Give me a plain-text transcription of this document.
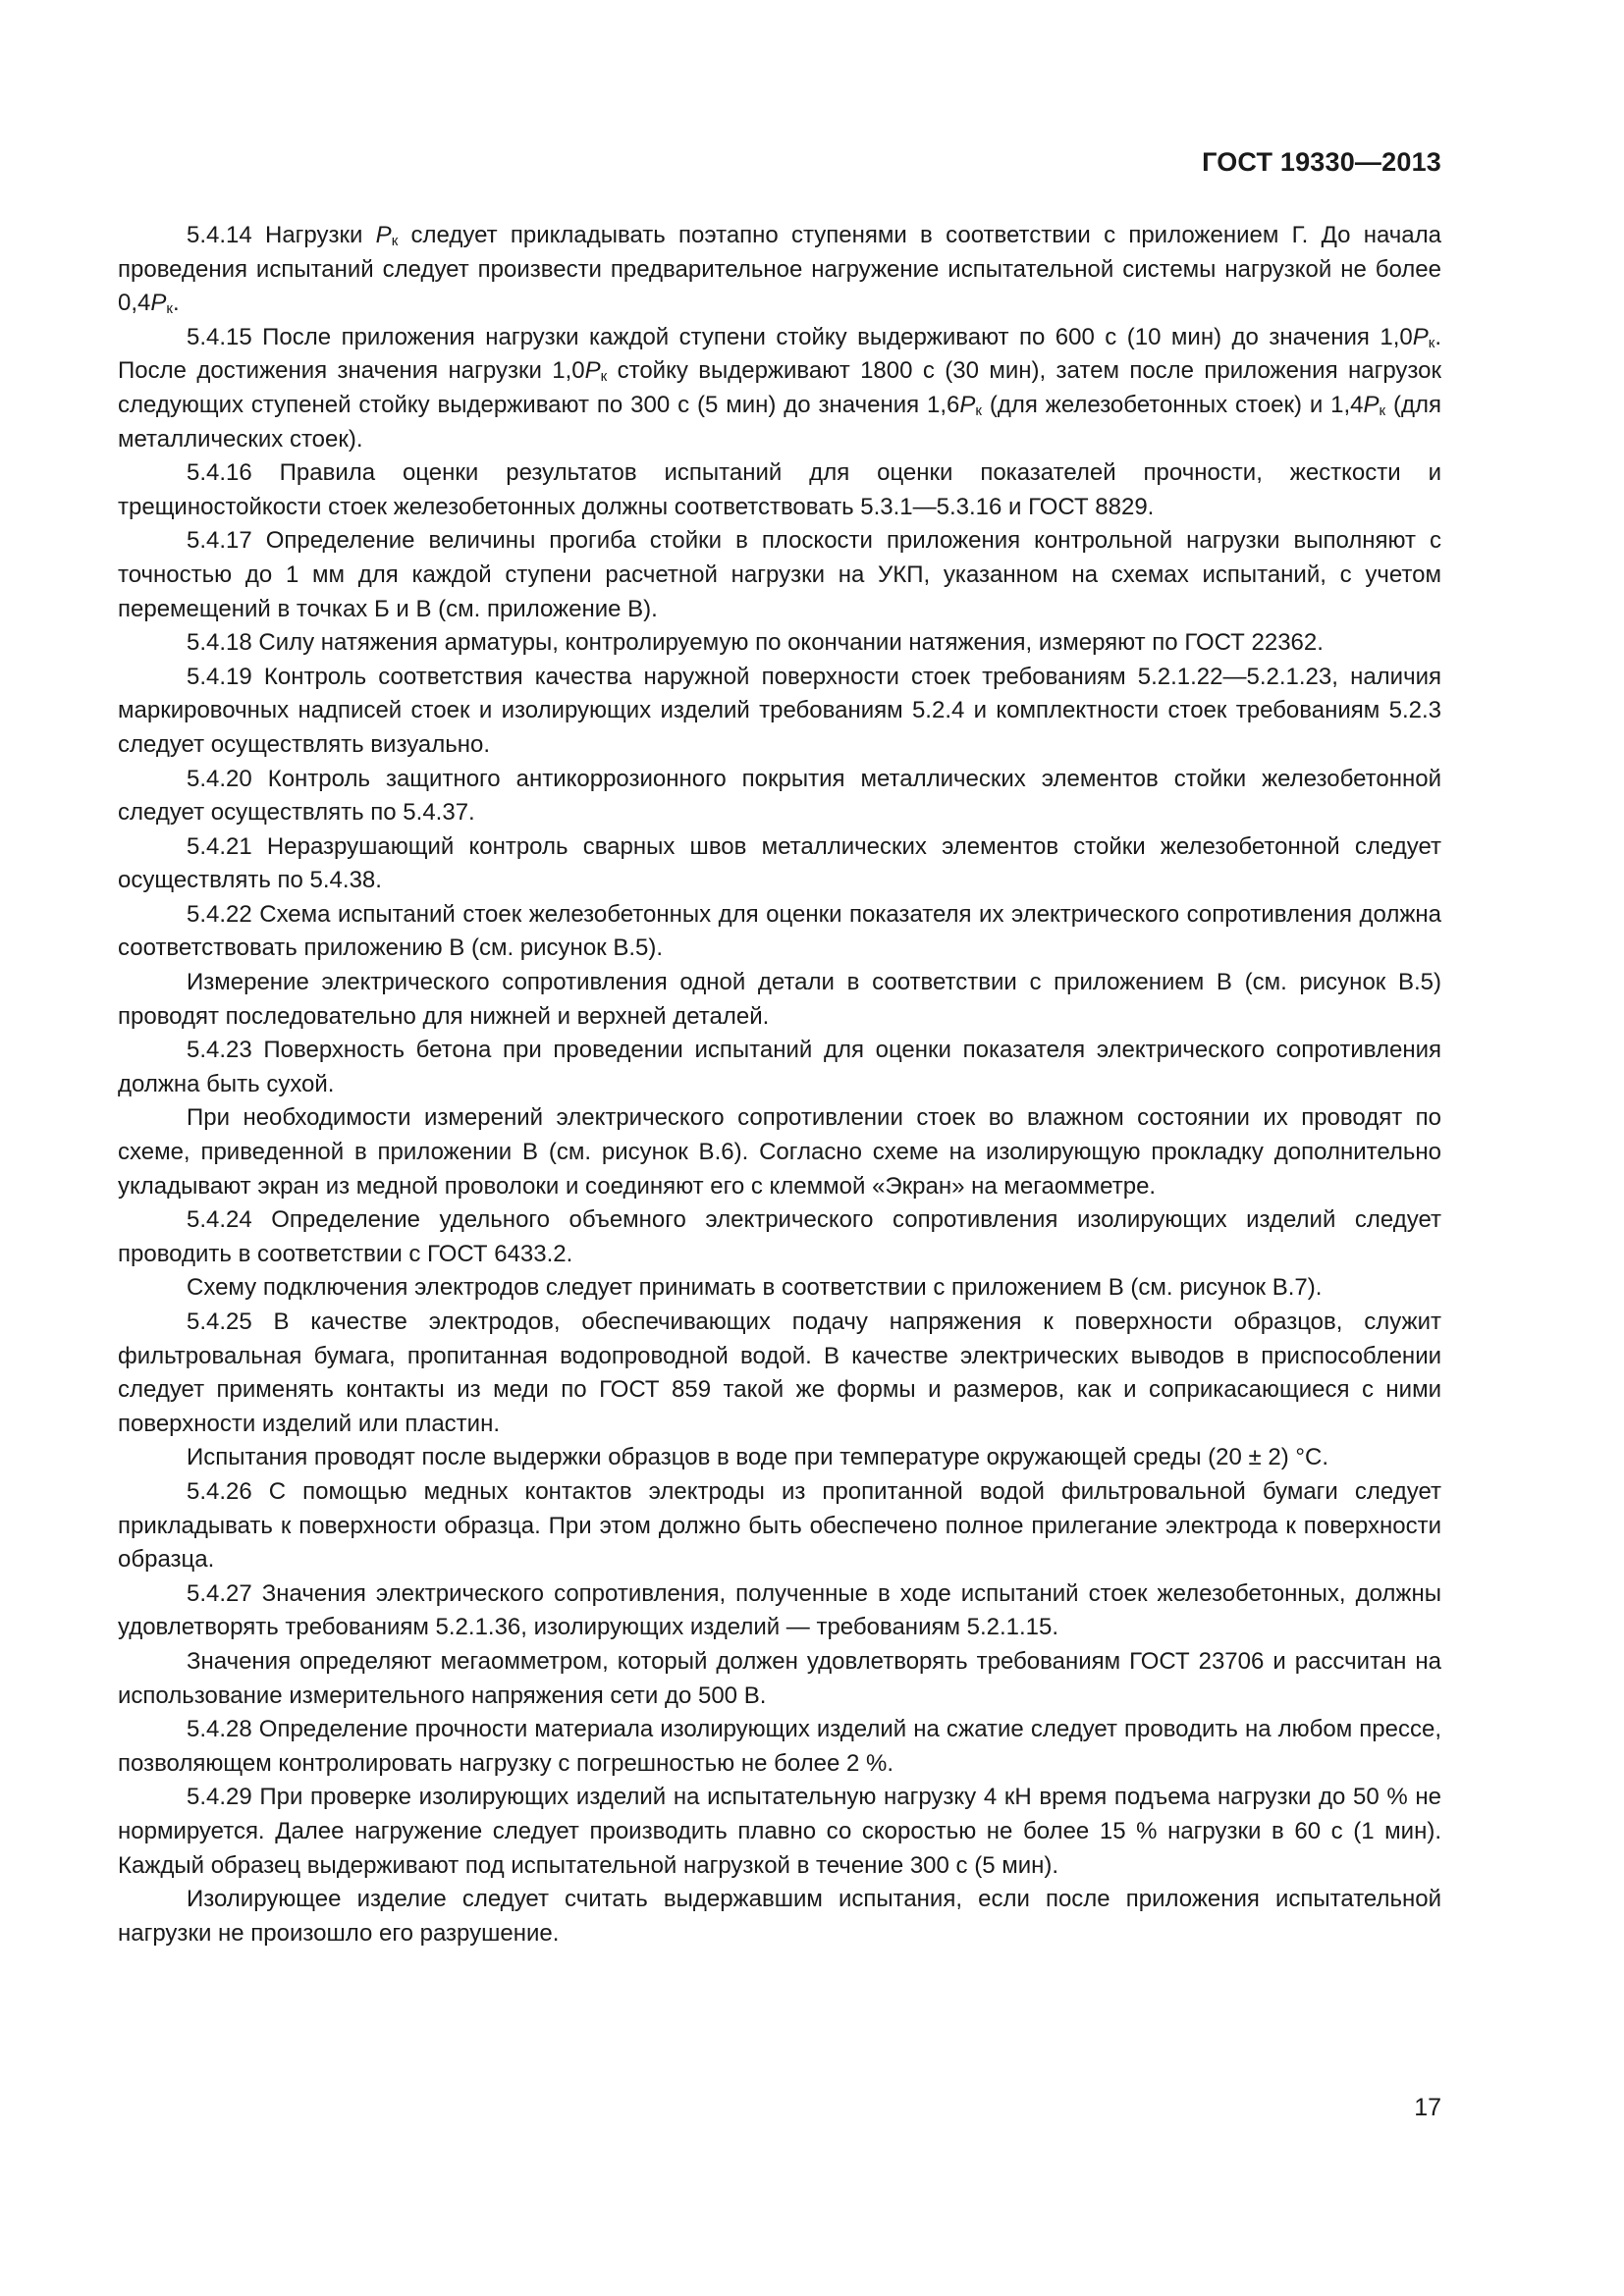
ГОСТ 19330—2013

5.4.14 Нагрузки $P_к$ следует прикладывать поэтапно ступенями в соответствии с приложением Г. До начала проведения испытаний следует произвести предварительное нагружение испытательной системы нагрузкой не более $0,4P_к$.

5.4.15 После приложения нагрузки каждой ступени стойку выдерживают по 600 с (10 мин) до значения $1,0P_к$. После достижения значения нагрузки $1,0P_к$ стойку выдерживают 1800 с (30 мин), затем после приложения нагрузок следующих ступеней стойку выдерживают по 300 с (5 мин) до значения $1,6P_к$ (для железобетонных стоек) и $1,4P_к$ (для металлических стоек).

5.4.16 Правила оценки результатов испытаний для оценки показателей прочности, жесткости и трещиностойкости стоек железобетонных должны соответствовать 5.3.1—5.3.16 и ГОСТ 8829.

5.4.17 Определение величины прогиба стойки в плоскости приложения контрольной нагрузки выполняют с точностью до 1 мм для каждой ступени расчетной нагрузки на УКП, указанном на схемах испытаний, с учетом перемещений в точках Б и В (см. приложение В).

5.4.18 Силу натяжения арматуры, контролируемую по окончании натяжения, измеряют по ГОСТ 22362.

5.4.19 Контроль соответствия качества наружной поверхности стоек требованиям 5.2.1.22—5.2.1.23, наличия маркировочных надписей стоек и изолирующих изделий требованиям 5.2.4 и комплектности стоек требованиям 5.2.3 следует осуществлять визуально.

5.4.20 Контроль защитного антикоррозионного покрытия металлических элементов стойки железобетонной следует осуществлять по 5.4.37.

5.4.21 Неразрушающий контроль сварных швов металлических элементов стойки железобетонной следует осуществлять по 5.4.38.

5.4.22 Схема испытаний стоек железобетонных для оценки показателя их электрического сопротивления должна соответствовать приложению В (см. рисунок В.5).

Измерение электрического сопротивления одной детали в соответствии с приложением В (см. рисунок В.5) проводят последовательно для нижней и верхней деталей.

5.4.23 Поверхность бетона при проведении испытаний для оценки показателя электрического сопротивления должна быть сухой.

При необходимости измерений электрического сопротивлении стоек во влажном состоянии их проводят по схеме, приведенной в приложении В (см. рисунок В.6). Согласно схеме на изолирующую прокладку дополнительно укладывают экран из медной проволоки и соединяют его с клеммой «Экран» на мегаомметре.

5.4.24 Определение удельного объемного электрического сопротивления изолирующих изделий следует проводить в соответствии с ГОСТ 6433.2.

Схему подключения электродов следует принимать в соответствии с приложением В (см. рисунок В.7).

5.4.25 В качестве электродов, обеспечивающих подачу напряжения к поверхности образцов, служит фильтровальная бумага, пропитанная водопроводной водой. В качестве электрических выводов в приспособлении следует применять контакты из меди по ГОСТ 859 такой же формы и размеров, как и соприкасающиеся с ними поверхности изделий или пластин.

Испытания проводят после выдержки образцов в воде при температуре окружающей среды (20 ± 2) °С.

5.4.26 С помощью медных контактов электроды из пропитанной водой фильтровальной бумаги следует прикладывать к поверхности образца. При этом должно быть обеспечено полное прилегание электрода к поверхности образца.

5.4.27 Значения электрического сопротивления, полученные в ходе испытаний стоек железобетонных, должны удовлетворять требованиям 5.2.1.36, изолирующих изделий — требованиям 5.2.1.15.

Значения определяют мегаомметром, который должен удовлетворять требованиям ГОСТ 23706 и рассчитан на использование измерительного напряжения сети до 500 В.

5.4.28 Определение прочности материала изолирующих изделий на сжатие следует проводить на любом прессе, позволяющем контролировать нагрузку с погрешностью не более 2 %.

5.4.29 При проверке изолирующих изделий на испытательную нагрузку 4 кН время подъема нагрузки до 50 % не нормируется. Далее нагружение следует производить плавно со скоростью не более 15 % нагрузки в 60 с (1 мин). Каждый образец выдерживают под испытательной нагрузкой в течение 300 с (5 мин).

Изолирующее изделие следует считать выдержавшим испытания, если после приложения испытательной нагрузки не произошло его разрушение.

17
